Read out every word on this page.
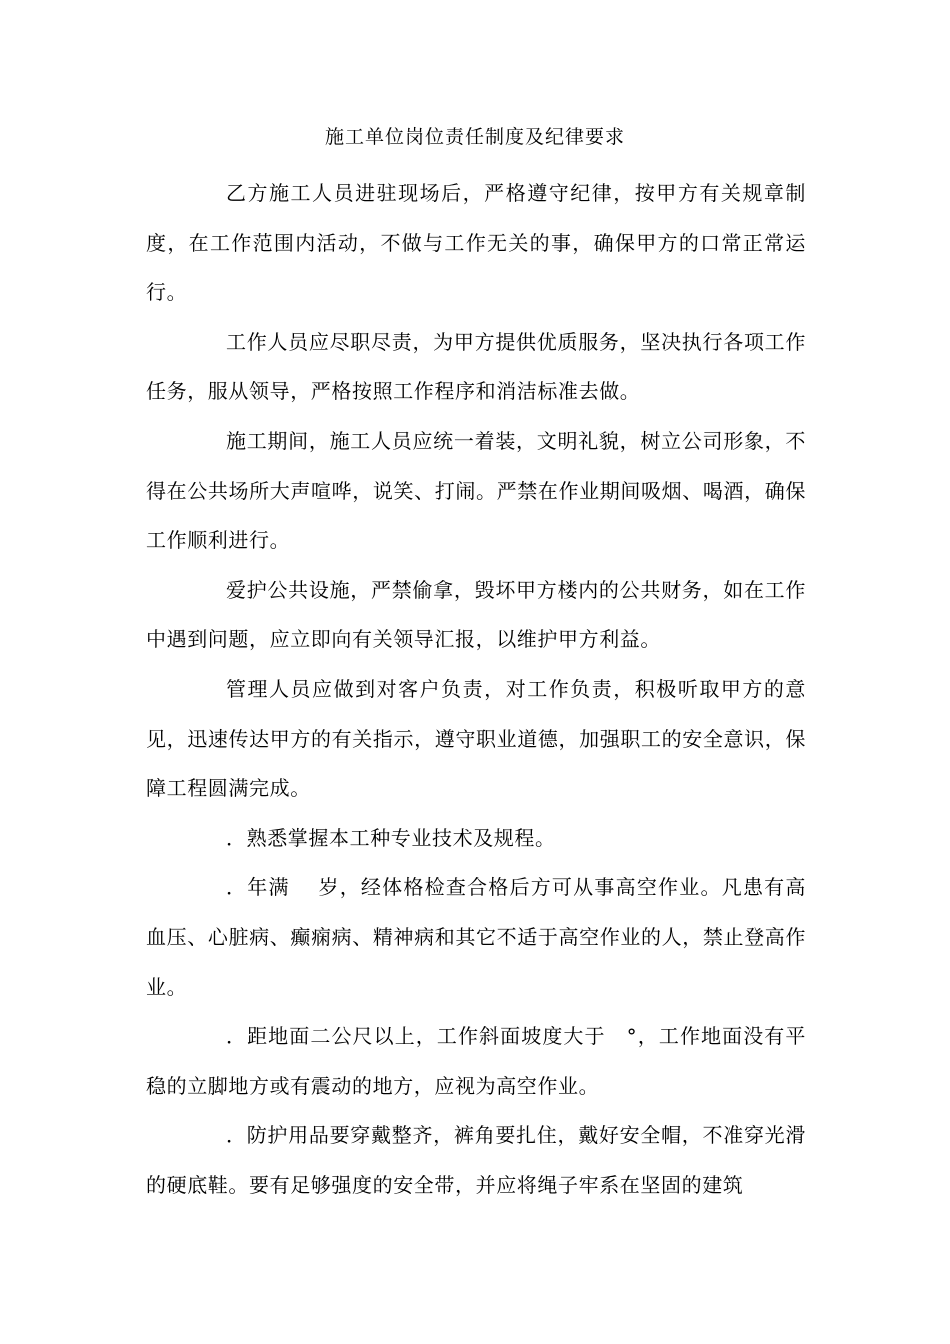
施工单位岗位责任制度及纪律要求

乙方施工人员进驻现场后，严格遵守纪律，按甲方有关规章制度，在工作范围内活动，不做与工作无关的事，确保甲方的口常正常运行。

工作人员应尽职尽责，为甲方提供优质服务，坚决执行各项工作任务，服从领导，严格按照工作程序和消洁标准去做。

施工期间，施工人员应统一着装，文明礼貌，树立公司形象，不得在公共场所大声喧哗，说笑、打闹。严禁在作业期间吸烟、喝酒，确保工作顺利进行。

爱护公共设施，严禁偷拿，毁坏甲方楼内的公共财务，如在工作中遇到问题，应立即向有关领导汇报，以维护甲方利益。

管理人员应做到对客户负责，对工作负责，积极听取甲方的意见，迅速传达甲方的有关指示，遵守职业道德，加强职工的安全意识，保障工程圆满完成。

．熟悉掌握本工种专业技术及规程。

．年满　 岁，经体格检查合格后方可从事高空作业。凡患有高血压、心脏病、癫痫病、精神病和其它不适于高空作业的人，禁止登高作业。

．距地面二公尺以上，工作斜面坡度大于　°，工作地面没有平稳的立脚地方或有震动的地方，应视为高空作业。

．防护用品要穿戴整齐，裤角要扎住，戴好安全帽，不准穿光滑的硬底鞋。要有足够强度的安全带，并应将绳子牢系在坚固的建筑
